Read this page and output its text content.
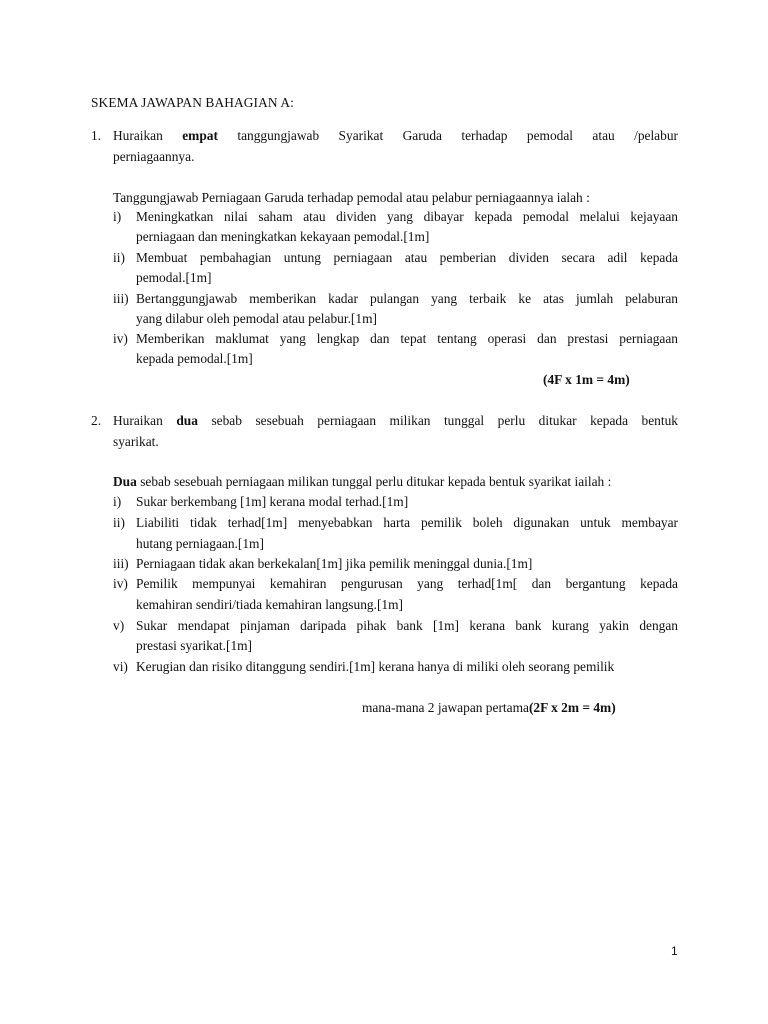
SKEMA JAWAPAN BAHAGIAN A:
1. Huraikan empat tanggungjawab Syarikat Garuda terhadap pemodal atau /pelabur
perniagaannya.
Tanggungjawab Perniagaan Garuda terhadap pemodal atau pelabur perniagaannya ialah :
i) Meningkatkan nilai saham atau dividen yang dibayar kepada pemodal melalui kejayaan
perniagaan dan meningkatkan kekayaan pemodal.[1m]
ii) Membuat pembahagian untung perniagaan atau pemberian dividen secara adil kepada
pemodal.[1m]
iii) Bertanggungjawab memberikan kadar pulangan yang terbaik ke atas jumlah pelaburan
yang dilabur oleh pemodal atau pelabur.[1m]
iv) Memberikan maklumat yang lengkap dan tepat tentang operasi dan prestasi perniagaan
kepada pemodal.[1m]
(4F x 1m = 4m)
2. Huraikan dua sebab sesebuah perniagaan milikan tunggal perlu ditukar kepada bentuk
syarikat.
Dua sebab sesebuah perniagaan milikan tunggal perlu ditukar kepada bentuk syarikat iailah :
i) Sukar berkembang [1m] kerana modal terhad.[1m]
ii) Liabiliti tidak terhad[1m] menyebabkan harta pemilik boleh digunakan untuk membayar
hutang perniagaan.[1m]
iii) Perniagaan tidak akan berkekalan[1m] jika pemilik meninggal dunia.[1m]
iv) Pemilik mempunyai kemahiran pengurusan yang terhad[1m[ dan bergantung kepada
kemahiran sendiri/tiada kemahiran langsung.[1m]
v) Sukar mendapat pinjaman daripada pihak bank [1m] kerana bank kurang yakin dengan
prestasi syarikat.[1m]
vi) Kerugian dan risiko ditanggung sendiri.[1m] kerana hanya di miliki oleh seorang pemilik
mana-mana 2 jawapan pertama(2F x 2m = 4m)
1
